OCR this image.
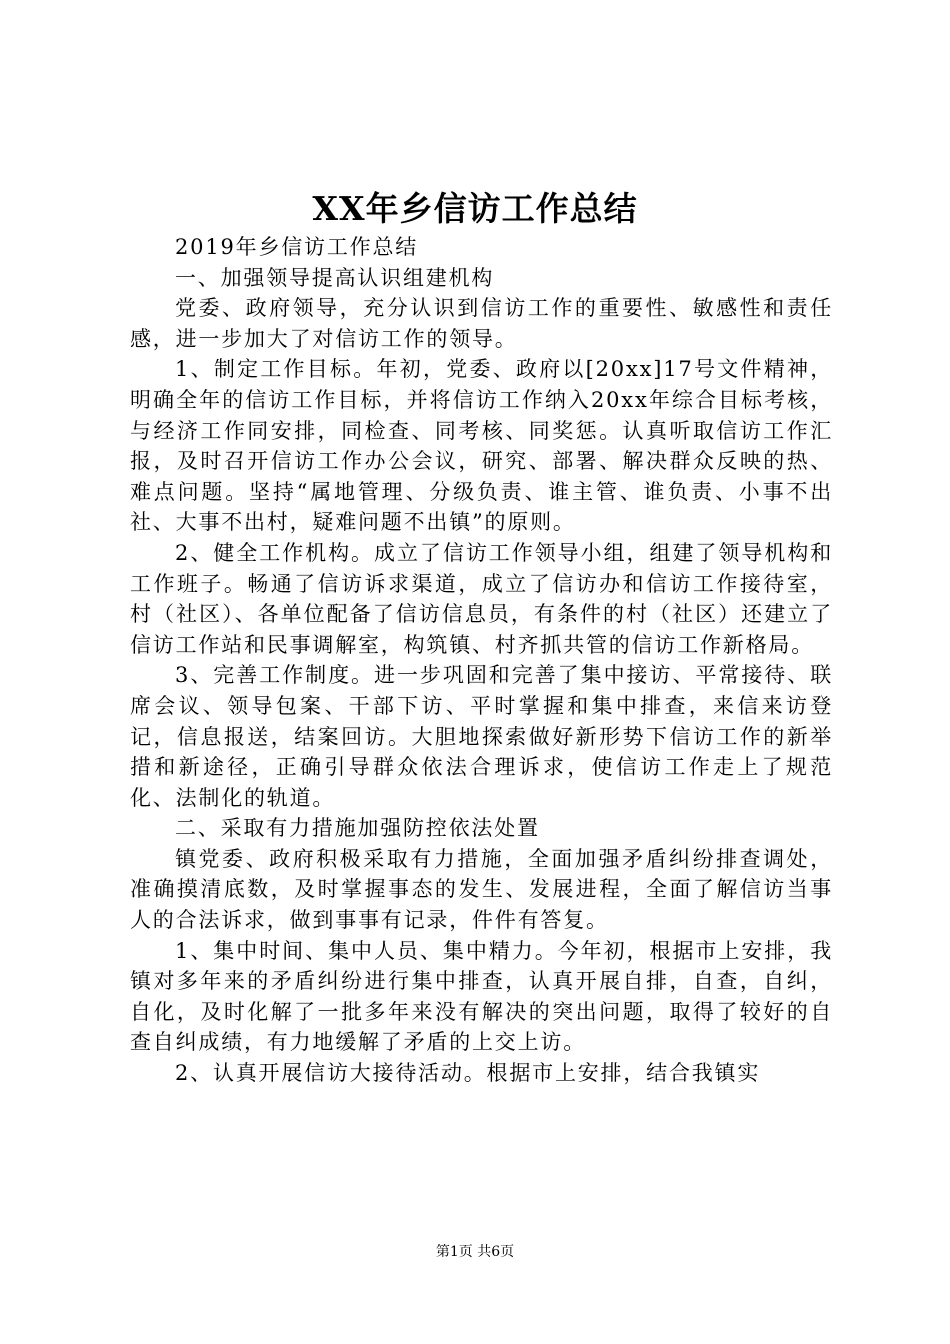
XX年乡信访工作总结

2019年乡信访工作总结

一、加强领导提高认识组建机构

党委、政府领导，充分认识到信访工作的重要性、敏感性和责任感，进一步加大了对信访工作的领导。

1、制定工作目标。年初，党委、政府以[20xx]17号文件精神，明确全年的信访工作目标，并将信访工作纳入20xx年综合目标考核，与经济工作同安排，同检查、同考核、同奖惩。认真听取信访工作汇报，及时召开信访工作办公会议，研究、部署、解决群众反映的热、难点问题。坚持“属地管理、分级负责、谁主管、谁负责、小事不出社、大事不出村，疑难问题不出镇”的原则。

2、健全工作机构。成立了信访工作领导小组，组建了领导机构和工作班子。畅通了信访诉求渠道，成立了信访办和信访工作接待室，村（社区）、各单位配备了信访信息员，有条件的村（社区）还建立了信访工作站和民事调解室，构筑镇、村齐抓共管的信访工作新格局。

3、完善工作制度。进一步巩固和完善了集中接访、平常接待、联席会议、领导包案、干部下访、平时掌握和集中排查，来信来访登记，信息报送，结案回访。大胆地探索做好新形势下信访工作的新举措和新途径，正确引导群众依法合理诉求，使信访工作走上了规范化、法制化的轨道。

二、采取有力措施加强防控依法处置

镇党委、政府积极采取有力措施，全面加强矛盾纠纷排查调处，准确摸清底数，及时掌握事态的发生、发展进程，全面了解信访当事人的合法诉求，做到事事有记录，件件有答复。

1、集中时间、集中人员、集中精力。今年初，根据市上安排，我镇对多年来的矛盾纠纷进行集中排查，认真开展自排，自查，自纠，自化，及时化解了一批多年来没有解决的突出问题，取得了较好的自查自纠成绩，有力地缓解了矛盾的上交上访。

2、认真开展信访大接待活动。根据市上安排，结合我镇实

第1页 共6页
